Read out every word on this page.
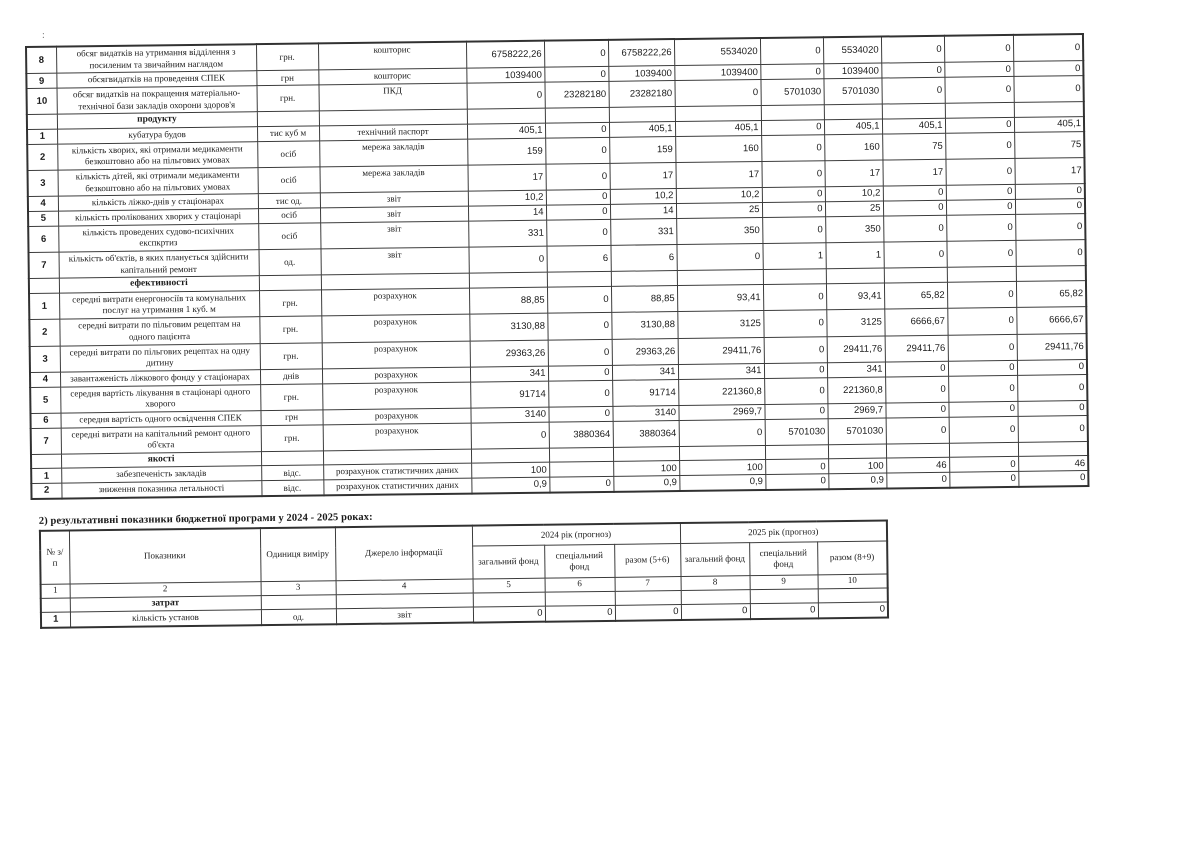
:
8	обсяг видатків на утримання відділення з посиленим та звичайним наглядом	грн.	кошторис	6758222,26	0	6758222,26	5534020	0	5534020	0	0	0
9	обсягвидатків на проведення СПЕК	грн	кошторис	1039400	0	1039400	1039400	0	1039400	0	0	0
10	обсяг видатків на покращення матеріально-технічної бази закладів охорони здоров'я	грн.	ПКД	0	23282180	23282180	0	5701030	5701030	0	0	0
	продукту											
1	кубатура будов	тис куб м	технічний паспорт	405,1	0	405,1	405,1	0	405,1	405,1	0	405,1
2	кількість хворих, які отримали медикаменти безкоштовно або на пільгових умовах	осіб	мережа закладів	159	0	159	160	0	160	75	0	75
3	кількість дітей, які отримали медикаменти безкоштовно або на пільгових умовах	осіб	мережа закладів	17	0	17	17	0	17	17	0	17
4	кількість ліжко-днів у стаціонарах	тис од.	звіт	10,2	0	10,2	10,2	0	10,2	0	0	0
5	кількість пролікованих хворих у стаціонарі	осіб	звіт	14	0	14	25	0	25	0	0	0
6	кількість проведених судово-психічних експкртиз	осіб	звіт	331	0	331	350	0	350	0	0	0
7	кількість об'єктів, в яких планується здійснити капітальний ремонт	од.	звіт	0	6	6	0	1	1	0	0	0
	ефективності											
1	середні витрати енергоносіїв та комунальних послуг на утримання 1 куб. м	грн.	розрахунок	88,85	0	88,85	93,41	0	93,41	65,82	0	65,82
2	середні витрати по пільговим рецептам на одного пацієнта	грн.	розрахунок	3130,88	0	3130,88	3125	0	3125	6666,67	0	6666,67
3	середні витрати по пільгових рецептах на одну дитину	грн.	розрахунок	29363,26	0	29363,26	29411,76	0	29411,76	29411,76	0	29411,76
4	завантаженість ліжкового фонду у стаціонарах	днів	розрахунок	341	0	341	341	0	341	0	0	0
5	середня вартість лікування в стаціонарі одного хворого	грн.	розрахунок	91714	0	91714	221360,8	0	221360,8	0	0	0
6	середня вартість одного освідчення СПЕК	грн	розрахунок	3140	0	3140	2969,7	0	2969,7	0	0	0
7	середні витрати на капітальний ремонт одного об'єкта	грн.	розрахунок	0	3880364	3880364	0	5701030	5701030	0	0	0
	якості											
1	забезпеченість закладів	відс.	розрахунок статистичних даних	100		100	100	0	100	46	0	46
2	зниження показника летальності	відс.	розрахунок статистичних даних	0,9	0	0,9	0,9	0	0,9	0	0	0
2) результативні показники бюджетної програми у 2024 - 2025 роках:
№ з/п	Показники	Одиниця виміру	Джерело інформації	2024 рік (прогноз)			2025 рік (прогноз)		
				загальний фонд	спеціальний фонд	разом (5+6)	загальний фонд	спеціальний фонд	разом (8+9)
1	2	3	4	5	6	7	8	9	10
	затрат								
1	кількість установ	од.	звіт	0	0	0	0	0	0
